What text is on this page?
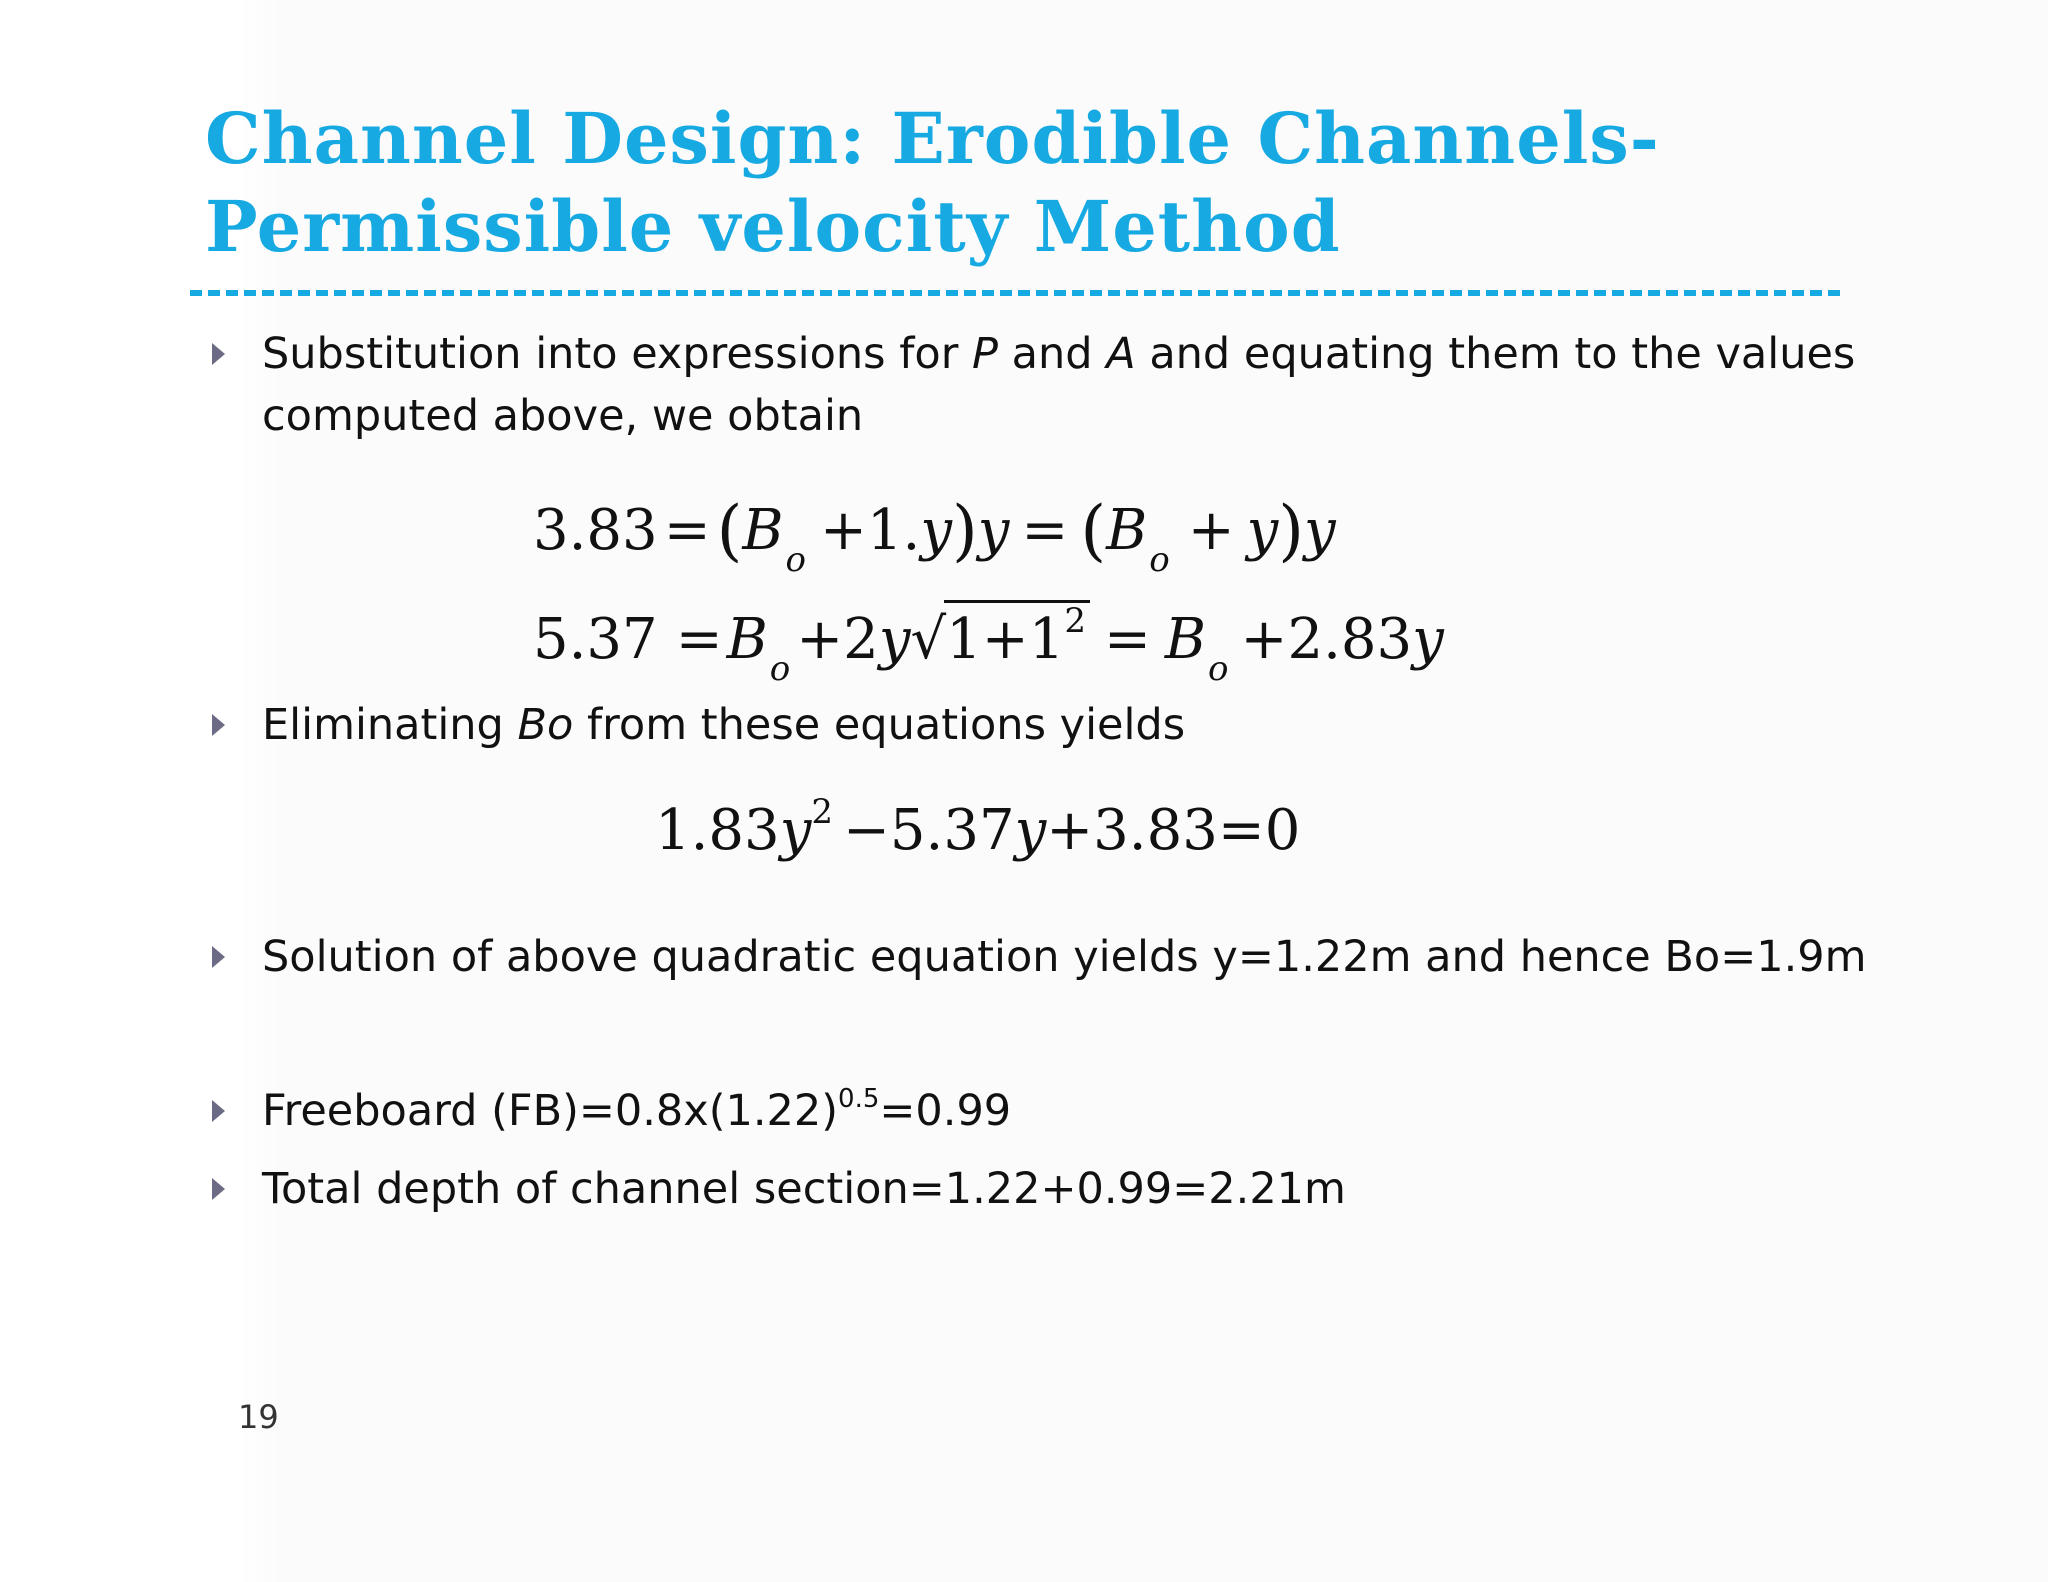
Channel Design: Erodible Channels-
Permissible velocity Method

Substitution into expressions for P and A and equating them to the values

computed above, we obtain

$3.83 =(B_o +1.y)y = (B_o + y)y$
$5.37 =B_o +2y√1+1^2 = B_o +2.83y$

Eliminating Bo from these equations yields

$1.83y^2 -5.37y+3.83=0$

Solution of above quadratic equation yields y=1.22m and hence Bo=1.9m

Freeboard $(FB)=0.8x(1.22)^{0.5}=0.99$

Total depth of channel section=1.22+0.99=2.21m

19
